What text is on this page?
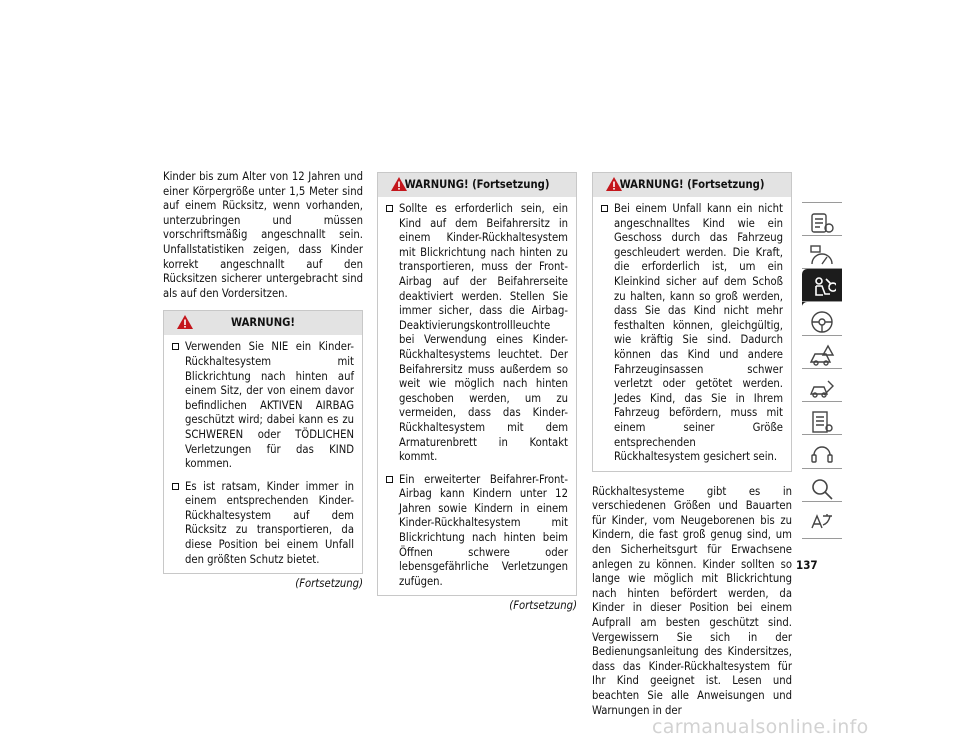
Kinder bis zum Alter von 12 Jahren und einer Körpergröße unter 1,5 Meter sind auf einem Rücksitz, wenn vorhanden, unterzubringen und müssen vorschriftsmäßig angeschnallt sein. Unfallstatistiken zeigen, dass Kinder korrekt angeschnallt auf den Rücksitzen sicherer untergebracht sind als auf den Vordersitzen.

WARNUNG!
Verwenden Sie NIE ein Kinder-Rückhaltesystem mit Blickrichtung nach hinten auf einem Sitz, der von einem davor befindlichen AKTIVEN AIRBAG geschützt wird; dabei kann es zu SCHWEREN oder TÖDLICHEN Verletzungen für das KIND kommen.
Es ist ratsam, Kinder immer in einem entsprechenden Kinder-Rückhaltesystem auf dem Rücksitz zu transportieren, da diese Position bei einem Unfall den größten Schutz bietet.
(Fortsetzung)
WARNUNG! (Fortsetzung)
Sollte es erforderlich sein, ein Kind auf dem Beifahrersitz in einem Kinder-Rückhaltesystem mit Blickrichtung nach hinten zu transportieren, muss der Front-Airbag auf der Beifahrerseite deaktiviert werden. Stellen Sie immer sicher, dass die Airbag-Deaktivierungskontrollleuchte bei Verwendung eines Kinder-Rückhaltesystems leuchtet. Der Beifahrersitz muss außerdem so weit wie möglich nach hinten geschoben werden, um zu vermeiden, dass das Kinder-Rückhaltesystem mit dem Armaturenbrett in Kontakt kommt.
Ein erweiterter Beifahrer-Front-Airbag kann Kindern unter 12 Jahren sowie Kindern in einem Kinder-Rückhaltesystem mit Blickrichtung nach hinten beim Öffnen schwere oder lebensgefährliche Verletzungen zufügen.
(Fortsetzung)
WARNUNG! (Fortsetzung)
Bei einem Unfall kann ein nicht angeschnalltes Kind wie ein Geschoss durch das Fahrzeug geschleudert werden. Die Kraft, die erforderlich ist, um ein Kleinkind sicher auf dem Schoß zu halten, kann so groß werden, dass Sie das Kind nicht mehr festhalten können, gleichgültig, wie kräftig Sie sind. Dadurch können das Kind und andere Fahrzeuginsassen schwer verletzt oder getötet werden. Jedes Kind, das Sie in Ihrem Fahrzeug befördern, muss mit einem seiner Größe entsprechenden Rückhaltesystem gesichert sein.

Rückhaltesysteme gibt es in verschiedenen Größen und Bauarten für Kinder, vom Neugeborenen bis zu Kindern, die fast groß genug sind, um den Sicherheitsgurt für Erwachsene anlegen zu können. Kinder sollten so lange wie möglich mit Blickrichtung nach hinten befördert werden, da Kinder in dieser Position bei einem Aufprall am besten geschützt sind. Vergewissern Sie sich in der Bedienungsanleitung des Kindersitzes, dass das Kinder-Rückhaltesystem für Ihr Kind geeignet ist. Lesen und beachten Sie alle Anweisungen und Warnungen in der

137
carmanualsonline.info
